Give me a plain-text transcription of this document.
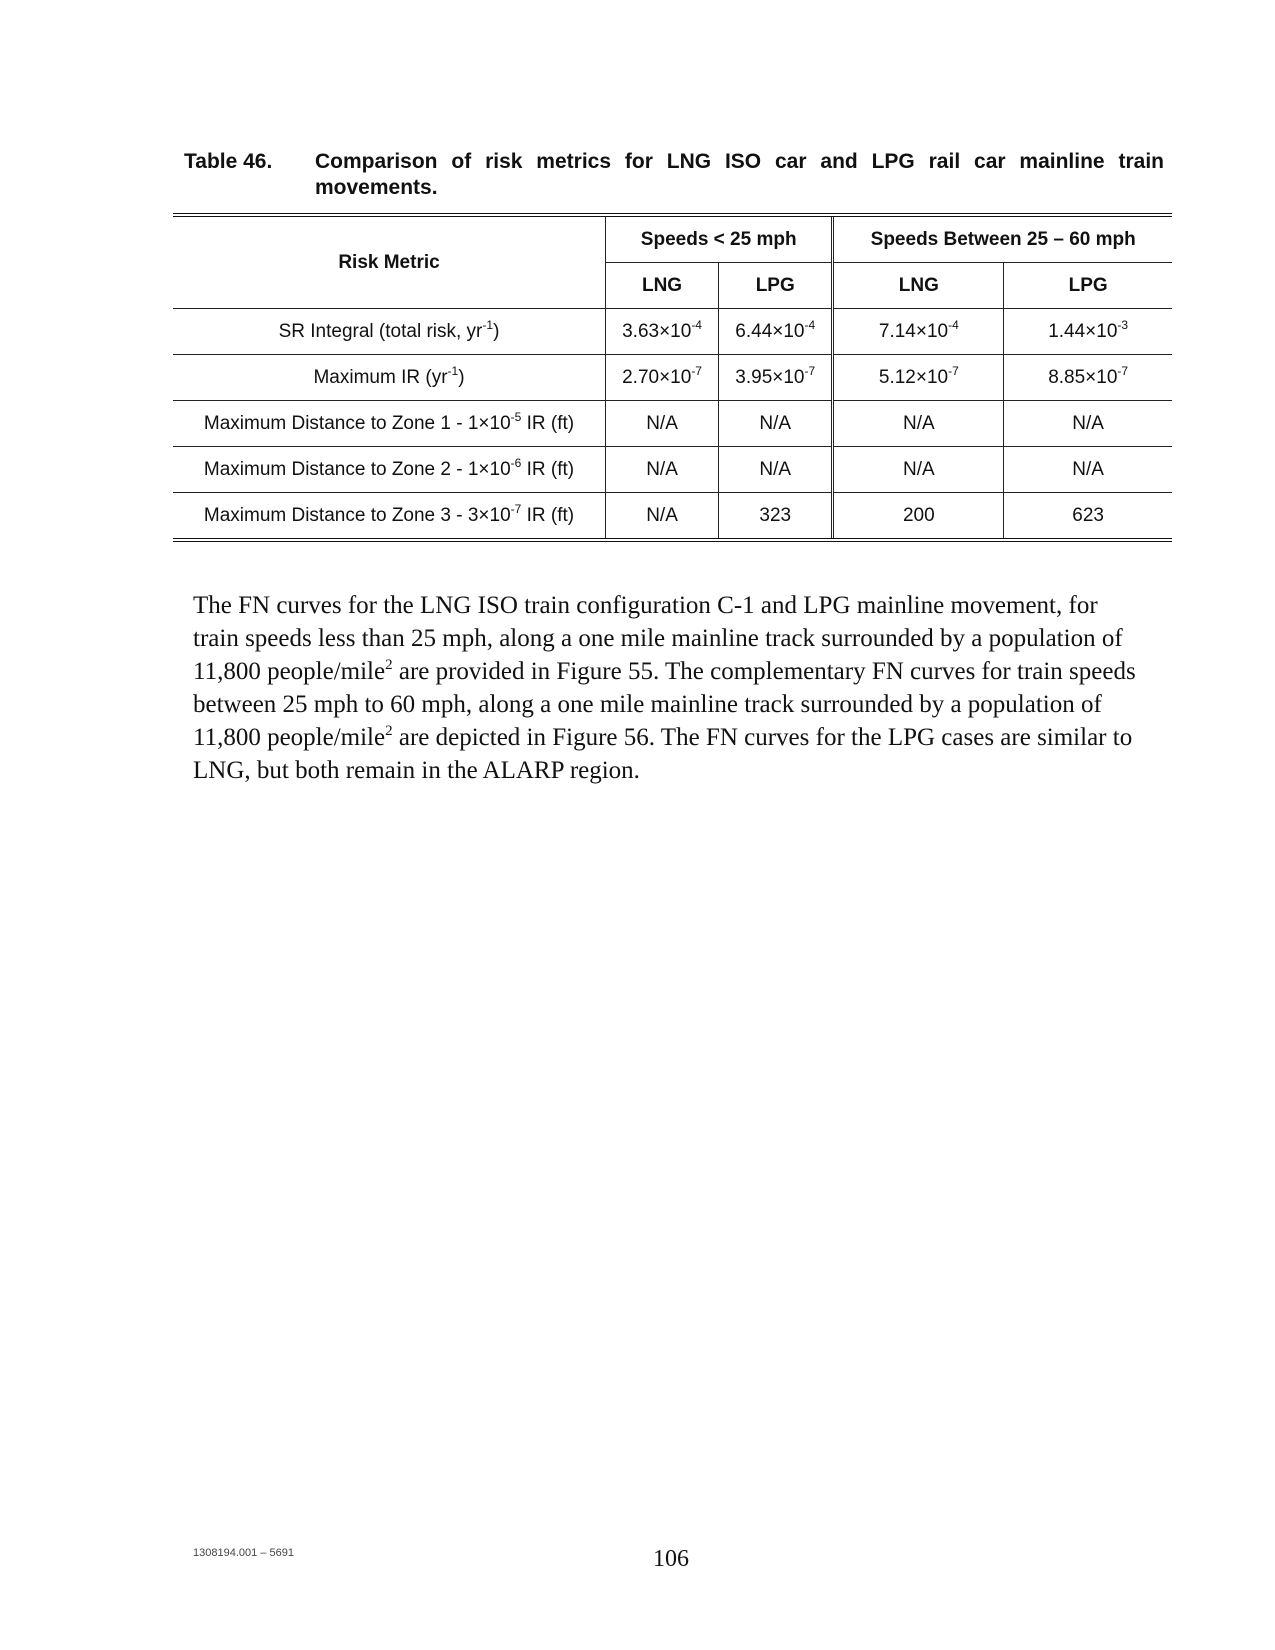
Table 46.	Comparison of risk metrics for LNG ISO car and LPG rail car mainline train movements.
Risk Metric	Speeds < 25 mph		Speeds Between 25 – 60 mph	
	LNG	LPG	LNG	LPG
SR Integral (total risk, $yr^{-1}$)	$3.63\times 10^{-4}$	$6.44\times 10^{-4}$	$7.14\times 10^{-4}$	$1.44\times 10^{-3}$
Maximum IR $(yr^{-1})$	$2.70\times 10^{-7}$	$3.95\times 10^{-7}$	$5.12\times 10^{-7}$	$8.85\times 10^{-7}$
Maximum Distance to Zone $1 - 1\times 10^{-5}$ IR (ft)	N/A	N/A	N/A	N/A
Maximum Distance to Zone $2 - 1\times 10^{-6}$ IR (ft)	N/A	N/A	N/A	N/A
Maximum Distance to Zone $3 - 3\times 10^{-7}$ IR (ft)	N/A	323	200	623

The FN curves for the LNG ISO train configuration C-1 and LPG mainline movement, for train speeds less than 25 mph, along a one mile mainline track surrounded by a population of 11,800 people/mile$^2$ are provided in Figure 55. The complementary FN curves for train speeds between 25 mph to 60 mph, along a one mile mainline track surrounded by a population of 11,800 people/mile$^2$ are depicted in Figure 56. The FN curves for the LPG cases are similar to LNG, but both remain in the ALARP region.

1308194.001 – 5691	106
